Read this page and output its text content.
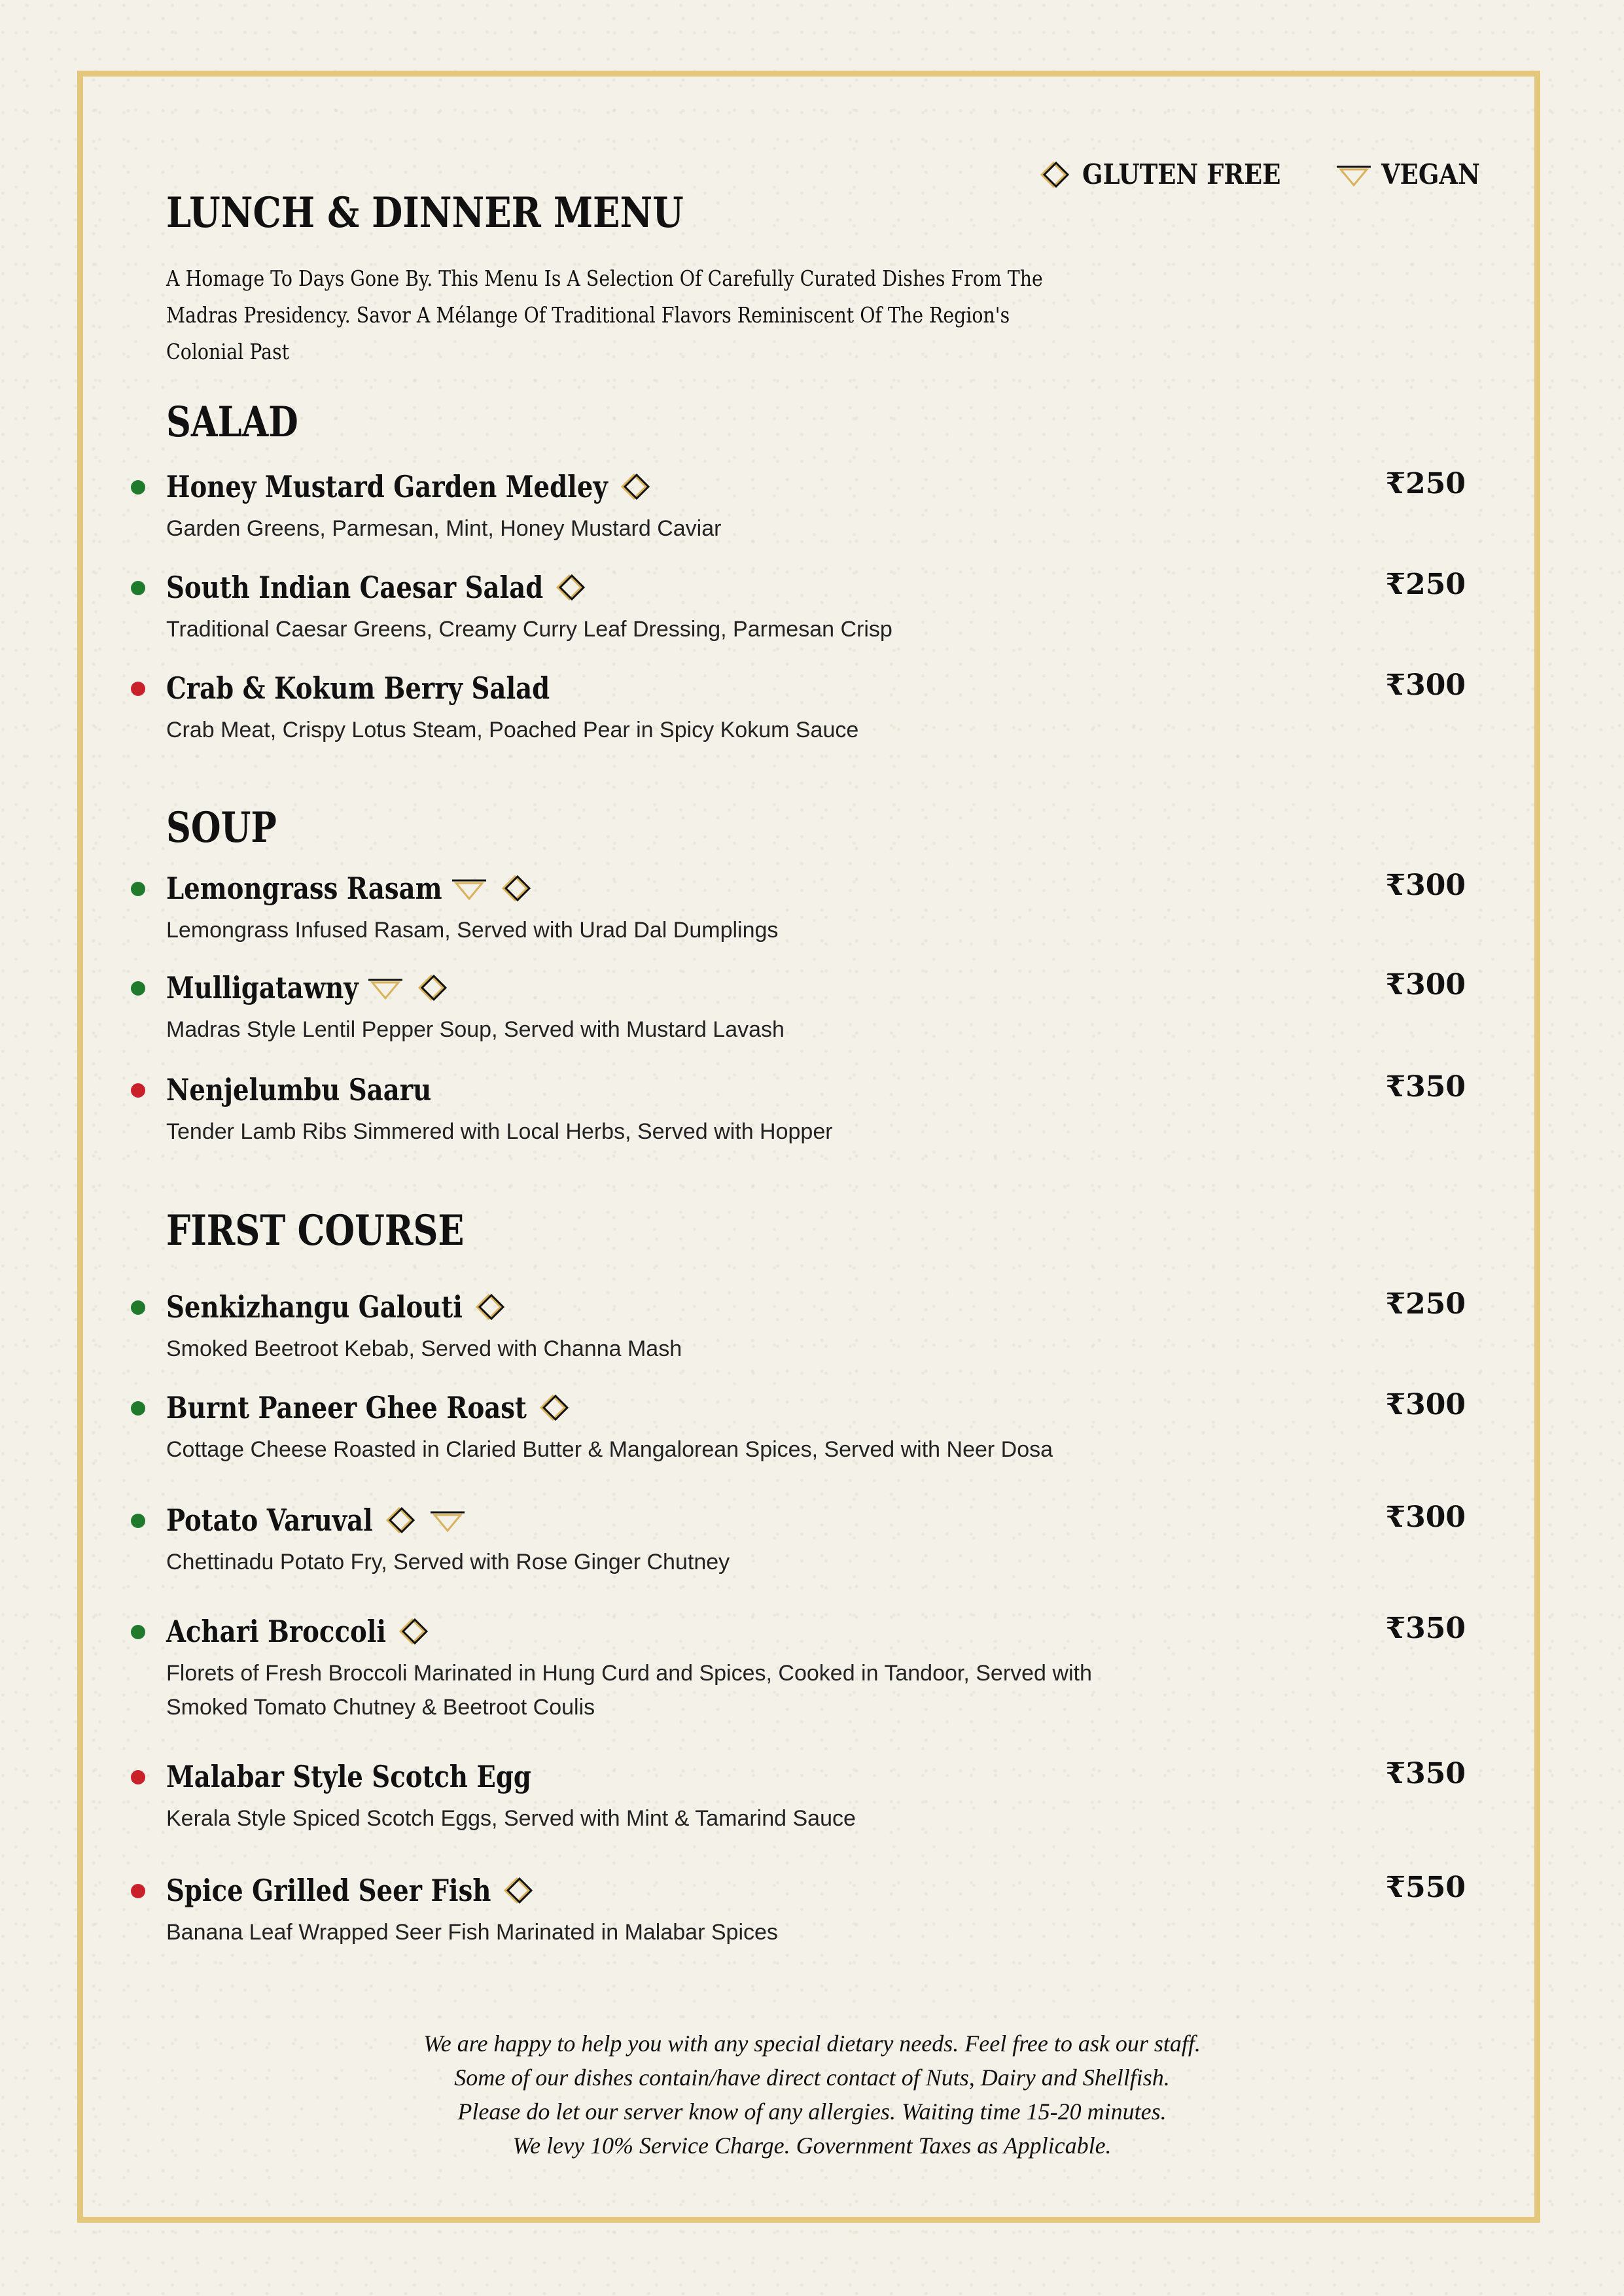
GLUTEN FREE	VEGAN
LUNCH & DINNER MENU
A Homage To Days Gone By. This Menu Is A Selection Of Carefully Curated Dishes From The
Madras Presidency. Savor A Mélange Of Traditional Flavors Reminiscent Of The Region's Colonial Past
SALAD
Honey Mustard Garden Medley
Garden Greens, Parmesan, Mint, Honey Mustard Caviar
₹250
South Indian Caesar Salad
Traditional Caesar Greens, Creamy Curry Leaf Dressing, Parmesan Crisp
₹250
Crab & Kokum Berry Salad
Crab Meat, Crispy Lotus Steam, Poached Pear in Spicy Kokum Sauce
₹300
SOUP
Lemongrass Rasam
Lemongrass Infused Rasam, Served with Urad Dal Dumplings
₹300
Mulligatawny
Madras Style Lentil Pepper Soup, Served with Mustard Lavash
₹300
Nenjelumbu Saaru
Tender Lamb Ribs Simmered with Local Herbs, Served with Hopper
₹350
FIRST COURSE
Senkizhangu Galouti
Smoked Beetroot Kebab, Served with Channa Mash
₹250
Burnt Paneer Ghee Roast
Cottage Cheese Roasted in Claried Butter & Mangalorean Spices, Served with Neer Dosa
₹300
Potato Varuval
Chettinadu Potato Fry, Served with Rose Ginger Chutney
₹300
Achari Broccoli
Florets of Fresh Broccoli Marinated in Hung Curd and Spices, Cooked in Tandoor, Served with
Smoked Tomato Chutney & Beetroot Coulis
₹350
Malabar Style Scotch Egg
Kerala Style Spiced Scotch Eggs, Served with Mint & Tamarind Sauce
₹350
Spice Grilled Seer Fish
Banana Leaf Wrapped Seer Fish Marinated in Malabar Spices
₹550

We are happy to help you with any special dietary needs. Feel free to ask our staff.

Some of our dishes contain/have direct contact of Nuts, Dairy and Shellfish.

Please do let our server know of any allergies. Waiting time 15-20 minutes.

We levy 10% Service Charge. Government Taxes as Applicable.
